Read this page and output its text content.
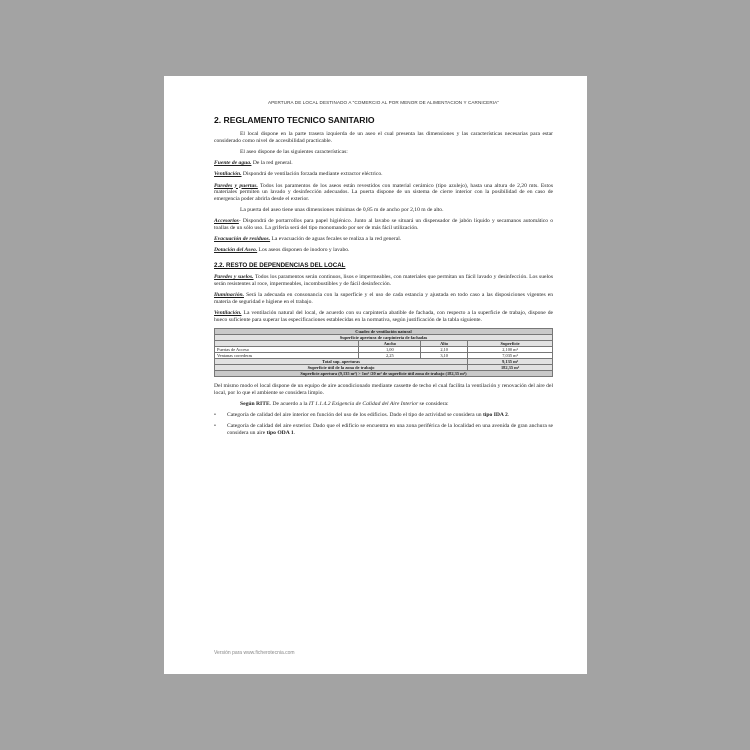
APERTURA DE LOCAL DESTINADO A "COMERCIO AL POR MENOR DE ALIMENTACION Y CARNICERIA"
2. REGLAMENTO TECNICO SANITARIO

El local dispone en la parte trasera izquierda de un aseo el cual presenta las dimensiones y las características necesarias para estar considerado como nivel de accesibilidad practicable.

El aseo dispone de las siguientes características:

Fuente de agua. De la red general.

Ventilación. Dispondrá de ventilación forzada mediante extractor eléctrico.

Paredes y puertas. Todos los paramentos de los aseos están revestidos con material cerámico (tipo azulejo), hasta una altura de 2,20 mts. Estos materiales permiten un lavado y desinfección adecuados. La puerta dispone de un sistema de cierre interior con la posibilidad de en caso de emergencia poder abrirla desde el exterior.

La puerta del aseo tiene unas dimensiones mínimas de 0,85 m de ancho por 2,10 m de alto.

Accesorios- Dispondrá de portarrollos para papel higiénico. Junto al lavabo se situará un dispensador de jabón líquido y secamanos automático o toallas de un sólo uso. La grifería será del tipo monomando por ser de más fácil utilización.

Evacuación de residuos. La evacuación de aguas fecales se realiza a la red general.

Dotación del Aseo. Los aseos disponen de inodoro y lavabo.

2.2. RESTO DE DEPENDENCIAS DEL LOCAL

Paredes y suelos. Todos los paramentos serán continuos, lisos e impermeables, con materiales que permitan un fácil lavado y desinfección. Los suelos serán resistentes al roce, impermeables, incombustibles y de fácil desinfección.

Iluminación. Será la adecuada en consonancia con la superficie y el uso de cada estancia y ajustada en todo caso a las disposiciones vigentes en materia de seguridad e higiene en el trabajo.

Ventilación. La ventilación natural del local, de acuerdo con su carpintería abatible de fachada, con respecto a la superficie de trabajo, dispone de hueco suficiente para superar las especificaciones establecidas en la normativa, según justificación de la tabla siguiente.

Cuadro de ventilación natural			
Superficie apertura de carpintería de fachadas			
	Ancho	Alto	Superficie
Puertas de Acceso	1,00	2,10	2,100 m²
Ventanas correderas	2,25	3,10	7,035 m²
Total sup. aperturas			9,135 m²
Superficie útil de la zona de trabajo			182,35 m²
Superficie apertura (9,135 m²) > 1m² /20 m² de superficie útil zona de trabajo (182,35 m²)			

Del mismo modo el local dispone de un equipo de aire acondicionado mediante cassette de techo el cual facilita la ventilación y renovación del aire del local, por lo que el ambiente se considera limpio.

Según RITE. De acuerdo a la IT 1.1.4.2 Exigencia de Calidad del Aire Interior se considera:

• Categoría de calidad del aire interior en función del uso de los edificios. Dado el tipo de actividad se considera un tipo IDA 2.
• Categoría de calidad del aire exterior. Dado que el edificio se encuentra en una zona periférica de la localidad en una avenida de gran anchura se considera un aire tipo ODA 1.
Versión para www.ficherotecnia.com
